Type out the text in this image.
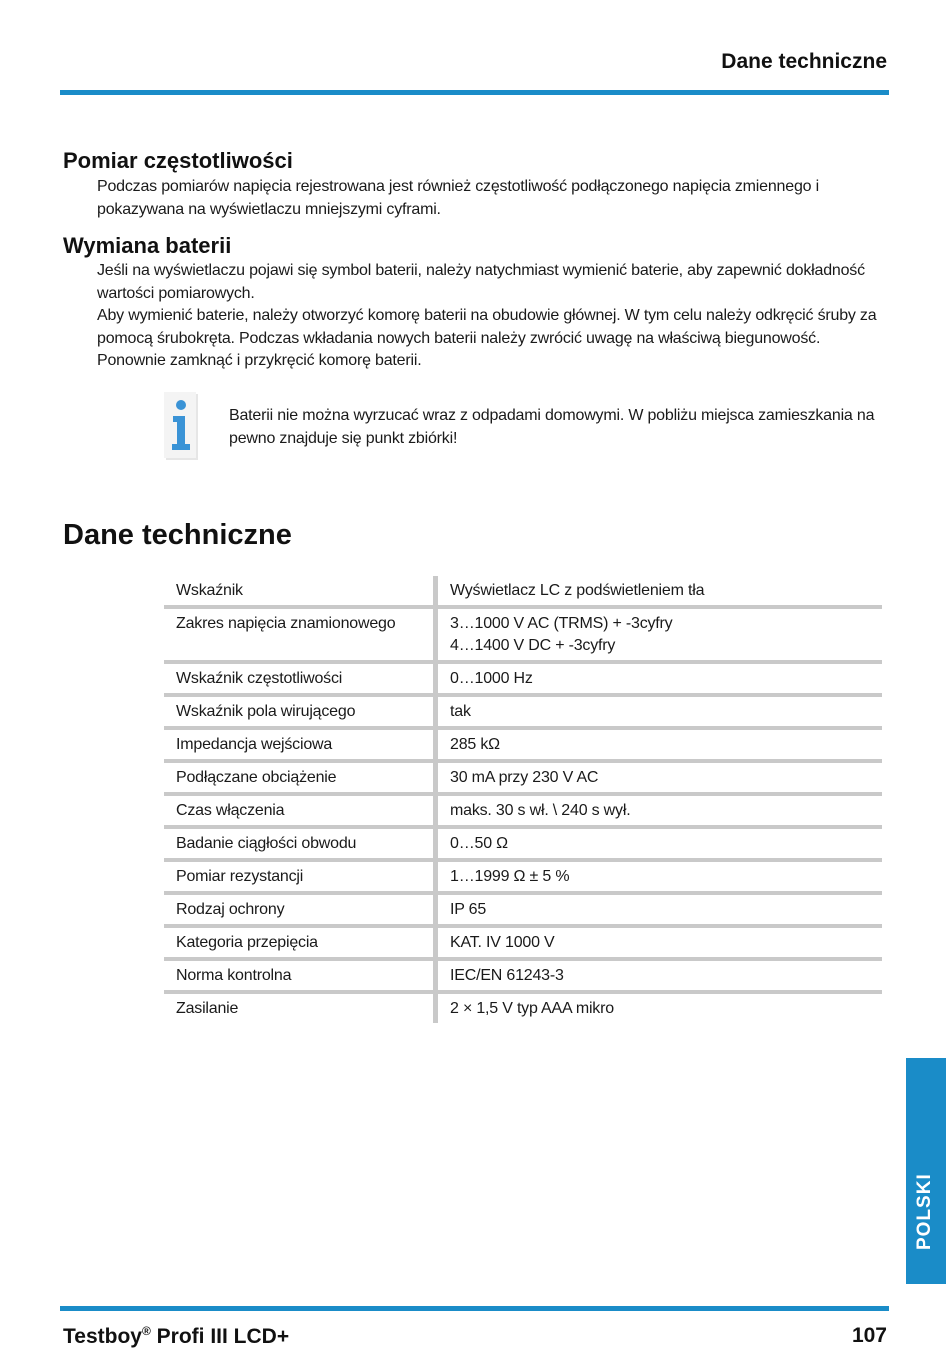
Dane techniczne
Pomiar częstotliwości

Podczas pomiarów napięcia rejestrowana jest również częstotliwość podłączonego napięcia zmiennego i pokazywana na wyświetlaczu mniejszymi cyframi.

Wymiana baterii

Jeśli na wyświetlaczu pojawi się symbol baterii, należy natychmiast wymienić baterie, aby zapewnić dokładność wartości pomiarowych.

Aby wymienić baterie, należy otworzyć komorę baterii na obudowie głównej. W tym celu należy odkręcić śruby za pomocą śrubokręta. Podczas wkładania nowych baterii należy zwrócić uwagę na właściwą biegunowość.

Ponownie zamknąć i przykręcić komorę baterii.

Baterii nie można wyrzucać wraz z odpadami domowymi. W pobliżu miejsca zamieszkania na pewno znajduje się punkt zbiórki!
Dane techniczne
Wskaźnik	Wyświetlacz LC z podświetleniem tła
Zakres napięcia znamionowego	3…1000 V AC (TRMS) + -3cyfry
4…1400 V DC + -3cyfry

Wskaźnik częstotliwości	0…1000 Hz
Wskaźnik pola wirującego	tak
Impedancja wejściowa	285 kΩ
Podłączane obciążenie	30 mA przy 230 V AC
Czas włączenia	maks. 30 s wł. \ 240 s wył.
Badanie ciągłości obwodu	0…50 Ω
Pomiar rezystancji	1…1999 Ω ± 5 %
Rodzaj ochrony	IP 65
Kategoria przepięcia	KAT. IV 1000 V
Norma kontrolna	IEC/EN 61243-3
Zasilanie	2 × 1,5 V typ AAA mikro
POLSKI
Testboy® Profi III LCD+	107
